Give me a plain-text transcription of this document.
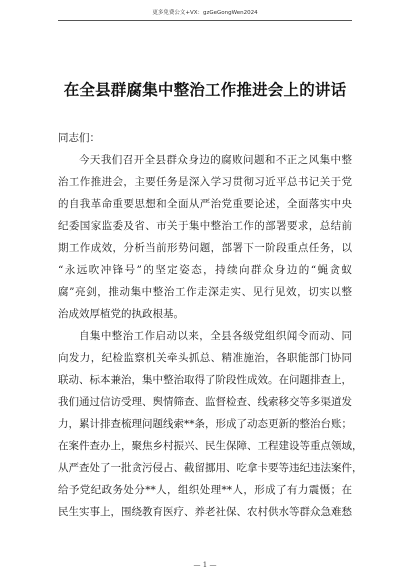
更多免费公文+VX：gzGeGongWen2024
在全县群腐集中整治工作推进会上的讲话

同志们：

今天我们召开全县群众身边的腐败问题和不正之风集中整
治工作推进会，主要任务是深入学习贯彻习近平总书记关于党
的自我革命重要思想和全面从严治党重要论述，全面落实中央
纪委国家监委及省、市关于集中整治工作的部署要求，总结前
期工作成效，分析当前形势问题，部署下一阶段重点任务，以
“永远吹冲锋号”的坚定姿态，持续向群众身边的“蝇贪蚁
腐”亮剑，推动集中整治工作走深走实、见行见效，切实以整
治成效厚植党的执政根基。

自集中整治工作启动以来，全县各级党组织闻令而动、同
向发力，纪检监察机关牵头抓总、精准施治，各职能部门协同
联动、标本兼治，集中整治取得了阶段性成效。在问题排查上，
我们通过信访受理、舆情筛查、监督检查、线索移交等多渠道发
力，累计排查梳理问题线索**条，形成了动态更新的整治台账；
在案件查办上，聚焦乡村振兴、民生保障、工程建设等重点领域，
从严查处了一批贪污侵占、截留挪用、吃拿卡要等违纪违法案件，
给予党纪政务处分**人，组织处理**人，形成了有力震慑；在
民生实事上，围绕教育医疗、养老社保、农村供水等群众急难愁

— 1 —
